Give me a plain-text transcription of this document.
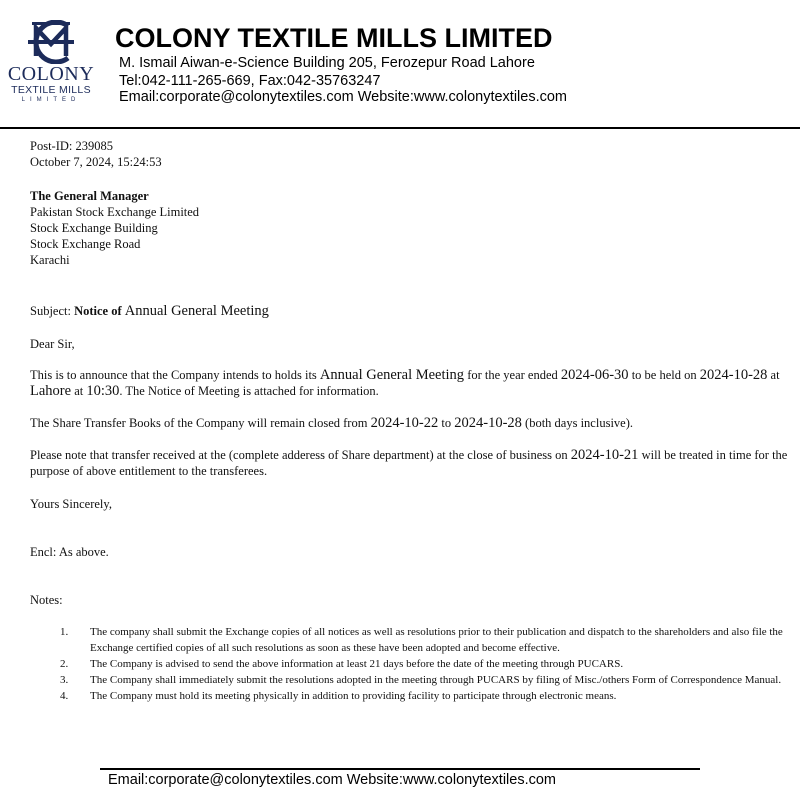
COLONY
TEXTILE MILLS
LIMITED
COLONY TEXTILE MILLS LIMITED
M. Ismail Aiwan-e-Science Building 205, Ferozepur Road Lahore
Tel:042-111-265-669, Fax:042-35763247
Email:corporate@colonytextiles.com Website:www.colonytextiles.com
Post-ID: 239085
October 7, 2024, 15:24:53
The General Manager
Pakistan Stock Exchange Limited
Stock Exchange Building
Stock Exchange Road
Karachi
Subject: Notice of Annual General Meeting
Dear Sir,
This is to announce that the Company intends to holds its Annual General Meeting for the year ended 2024-06-30 to be held on 2024-10-28 at Lahore at 10:30. The Notice of Meeting is attached for information.
The Share Transfer Books of the Company will remain closed from 2024-10-22 to 2024-10-28 (both days inclusive).
Please note that transfer received at the (complete adderess of Share department) at the close of business on 2024-10-21 will be treated in time for the purpose of above entitlement to the transferees.
Yours Sincerely,
Encl: As above.
Notes:
1. The company shall submit the Exchange copies of all notices as well as resolutions prior to their publication and dispatch to the shareholders and also file the Exchange certified copies of all such resolutions as soon as these have been adopted and become effective.
2. The Company is advised to send the above information at least 21 days before the date of the meeting through PUCARS.
3. The Company shall immediately submit the resolutions adopted in the meeting through PUCARS by filing of Misc./others Form of Correspondence Manual.
4. The Company must hold its meeting physically in addition to providing facility to participate through electronic means.
Email:corporate@colonytextiles.com Website:www.colonytextiles.com
